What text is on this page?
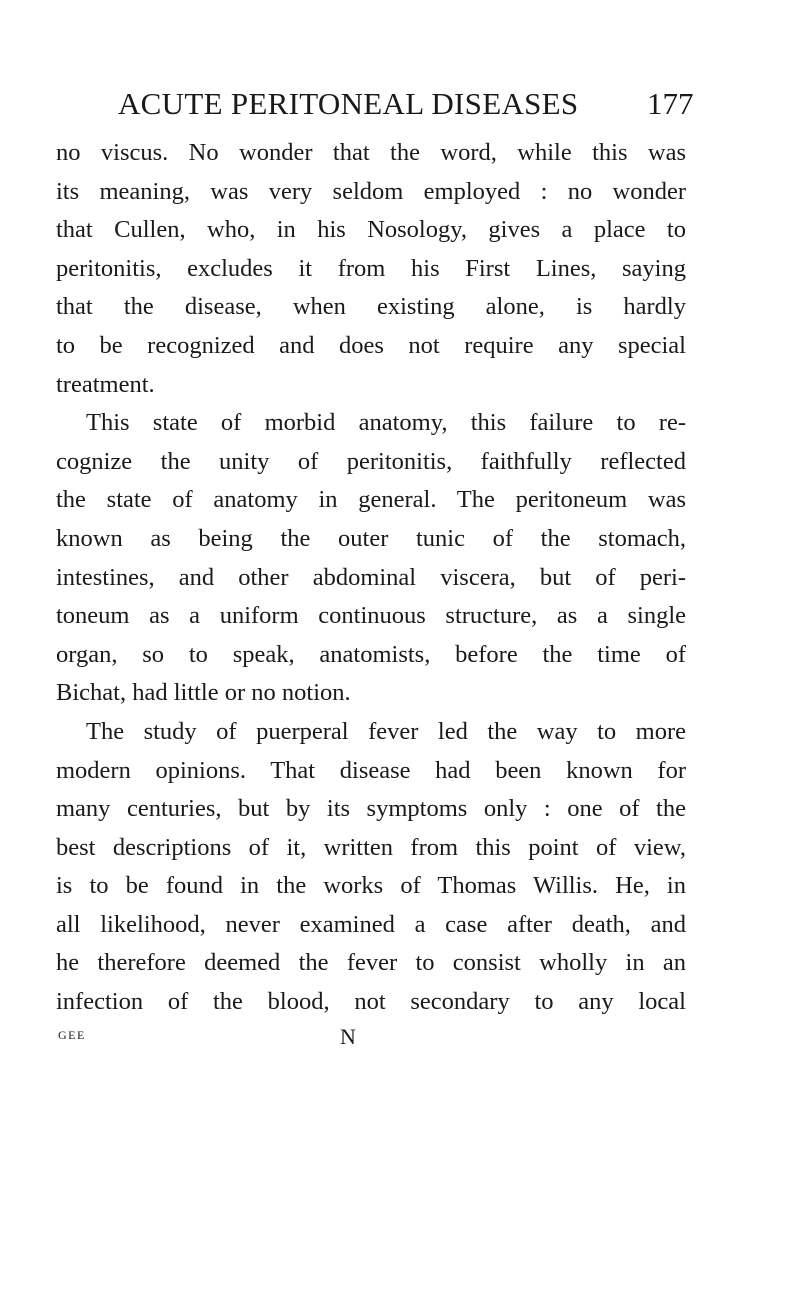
ACUTE PERITONEAL DISEASES 177
no viscus. No wonder that the word, while this was
its meaning, was very seldom employed : no wonder
that Cullen, who, in his Nosology, gives a place to
peritonitis, excludes it from his First Lines, saying
that the disease, when existing alone, is hardly
to be recognized and does not require any special
treatment.
This state of morbid anatomy, this failure to re-
cognize the unity of peritonitis, faithfully reflected
the state of anatomy in general. The peritoneum was
known as being the outer tunic of the stomach,
intestines, and other abdominal viscera, but of peri-
toneum as a uniform continuous structure, as a single
organ, so to speak, anatomists, before the time of
Bichat, had little or no notion.
The study of puerperal fever led the way to more
modern opinions. That disease had been known for
many centuries, but by its symptoms only : one of the
best descriptions of it, written from this point of view,
is to be found in the works of Thomas Willis. He, in
all likelihood, never examined a case after death, and
he therefore deemed the fever to consist wholly in an
infection of the blood, not secondary to any local
GEE	N
